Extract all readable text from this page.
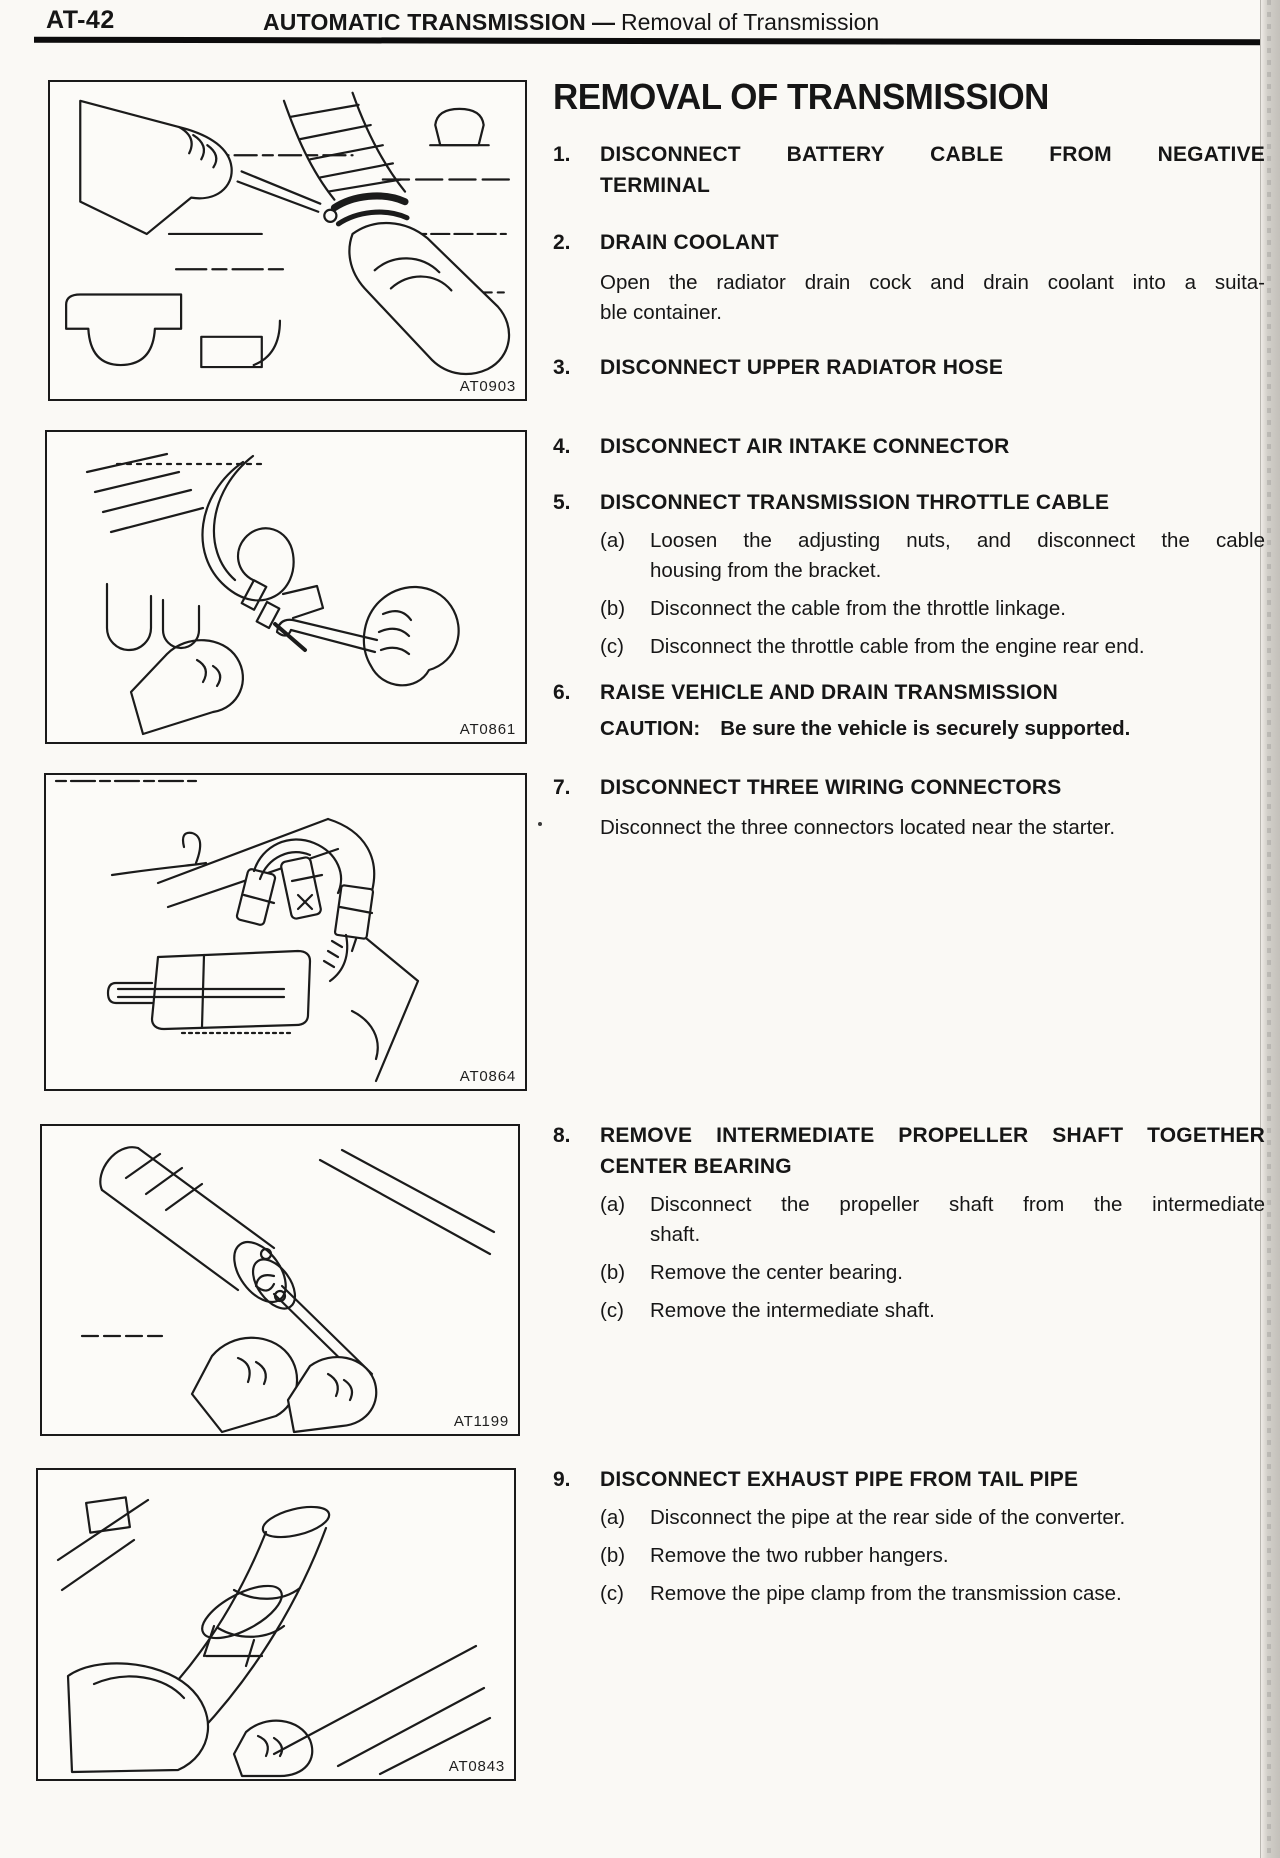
AT-42	AUTOMATIC TRANSMISSION — Removal of Transmission
AT0903
AT0861
AT0864
AT1199
AT0843
REMOVAL OF TRANSMISSION
1. DISCONNECT BATTERY CABLE FROM NEGATIVE
TERMINAL
2. DRAIN COOLANT
Open the radiator drain cock and drain coolant into a suita-
ble container.
3. DISCONNECT UPPER RADIATOR HOSE
4. DISCONNECT AIR INTAKE CONNECTOR
5. DISCONNECT TRANSMISSION THROTTLE CABLE
(a) Loosen the adjusting nuts, and disconnect the cable
housing from the bracket.
(b) Disconnect the cable from the throttle linkage.
(c) Disconnect the throttle cable from the engine rear end.
6. RAISE VEHICLE AND DRAIN TRANSMISSION
CAUTION: Be sure the vehicle is securely supported.
7. DISCONNECT THREE WIRING CONNECTORS
Disconnect the three connectors located near the starter.
8. REMOVE INTERMEDIATE PROPELLER SHAFT TOGETHER
CENTER BEARING
(a) Disconnect the propeller shaft from the intermediate
shaft.
(b) Remove the center bearing.
(c) Remove the intermediate shaft.
9. DISCONNECT EXHAUST PIPE FROM TAIL PIPE
(a) Disconnect the pipe at the rear side of the converter.
(b) Remove the two rubber hangers.
(c) Remove the pipe clamp from the transmission case.
